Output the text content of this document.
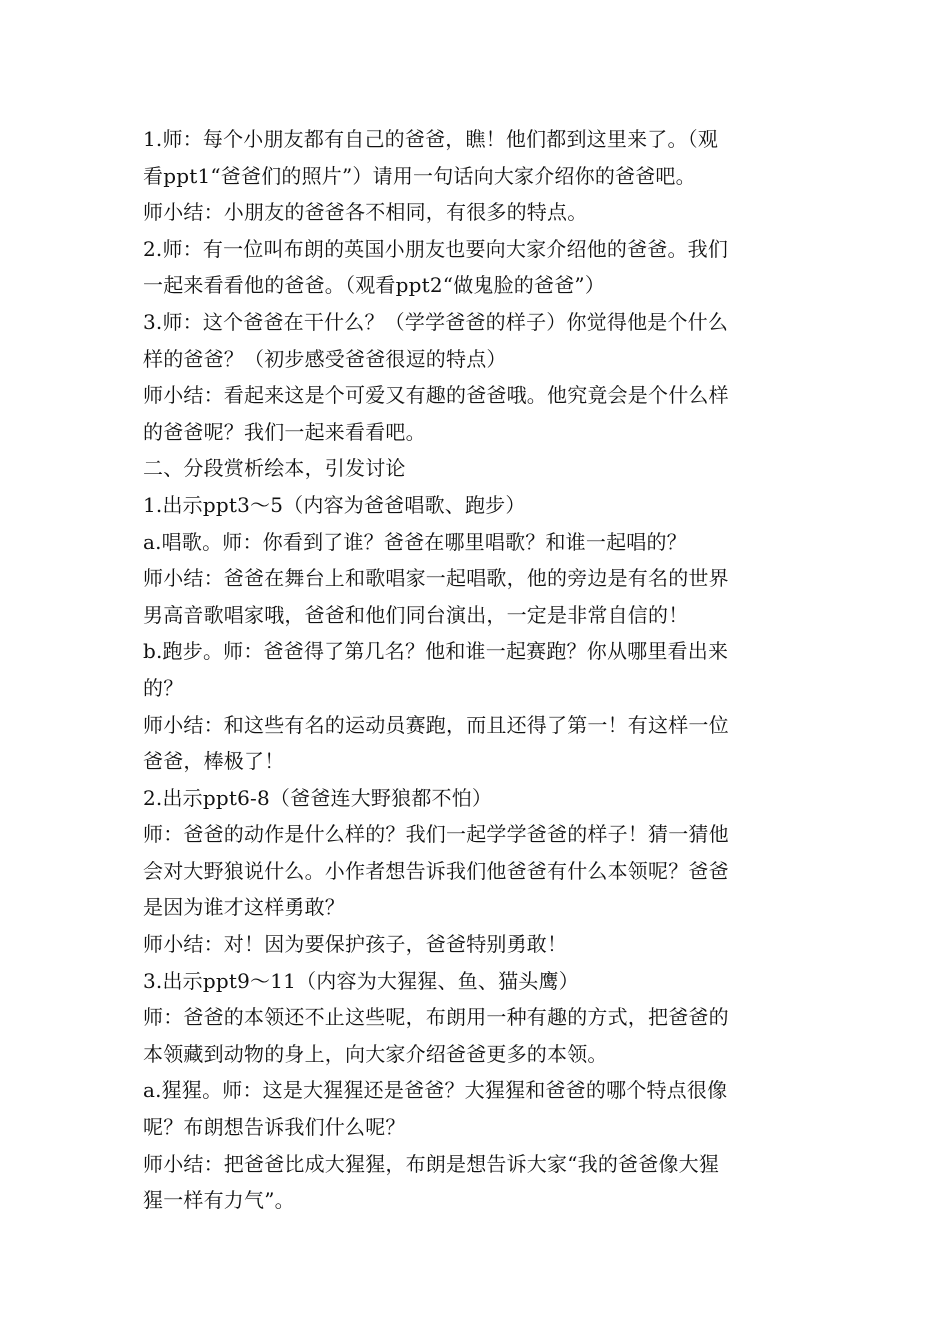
1.师：每个小朋友都有自己的爸爸，瞧！他们都到这里来了。（观
看ppt1“爸爸们的照片”）请用一句话向大家介绍你的爸爸吧。
师小结：小朋友的爸爸各不相同，有很多的特点。
2.师：有一位叫布朗的英国小朋友也要向大家介绍他的爸爸。我们
一起来看看他的爸爸。（观看ppt2“做鬼脸的爸爸”）
3.师：这个爸爸在干什么？（学学爸爸的样子）你觉得他是个什么
样的爸爸？（初步感受爸爸很逗的特点）
师小结：看起来这是个可爱又有趣的爸爸哦。他究竟会是个什么样
的爸爸呢？我们一起来看看吧。
二、分段赏析绘本，引发讨论
1.出示ppt3～5（内容为爸爸唱歌、跑步）
a.唱歌。师：你看到了谁？爸爸在哪里唱歌？和谁一起唱的？
师小结：爸爸在舞台上和歌唱家一起唱歌，他的旁边是有名的世界
男高音歌唱家哦，爸爸和他们同台演出，一定是非常自信的！
b.跑步。师：爸爸得了第几名？他和谁一起赛跑？你从哪里看出来
的？
师小结：和这些有名的运动员赛跑，而且还得了第一！有这样一位
爸爸，棒极了！
2.出示ppt6-8（爸爸连大野狼都不怕）
师：爸爸的动作是什么样的？我们一起学学爸爸的样子！猜一猜他
会对大野狼说什么。小作者想告诉我们他爸爸有什么本领呢？爸爸
是因为谁才这样勇敢？
师小结：对！因为要保护孩子，爸爸特别勇敢！
3.出示ppt9～11（内容为大猩猩、鱼、猫头鹰）
师：爸爸的本领还不止这些呢，布朗用一种有趣的方式，把爸爸的
本领藏到动物的身上，向大家介绍爸爸更多的本领。
a.猩猩。师：这是大猩猩还是爸爸？大猩猩和爸爸的哪个特点很像
呢？布朗想告诉我们什么呢？
师小结：把爸爸比成大猩猩，布朗是想告诉大家“我的爸爸像大猩
猩一样有力气”。
